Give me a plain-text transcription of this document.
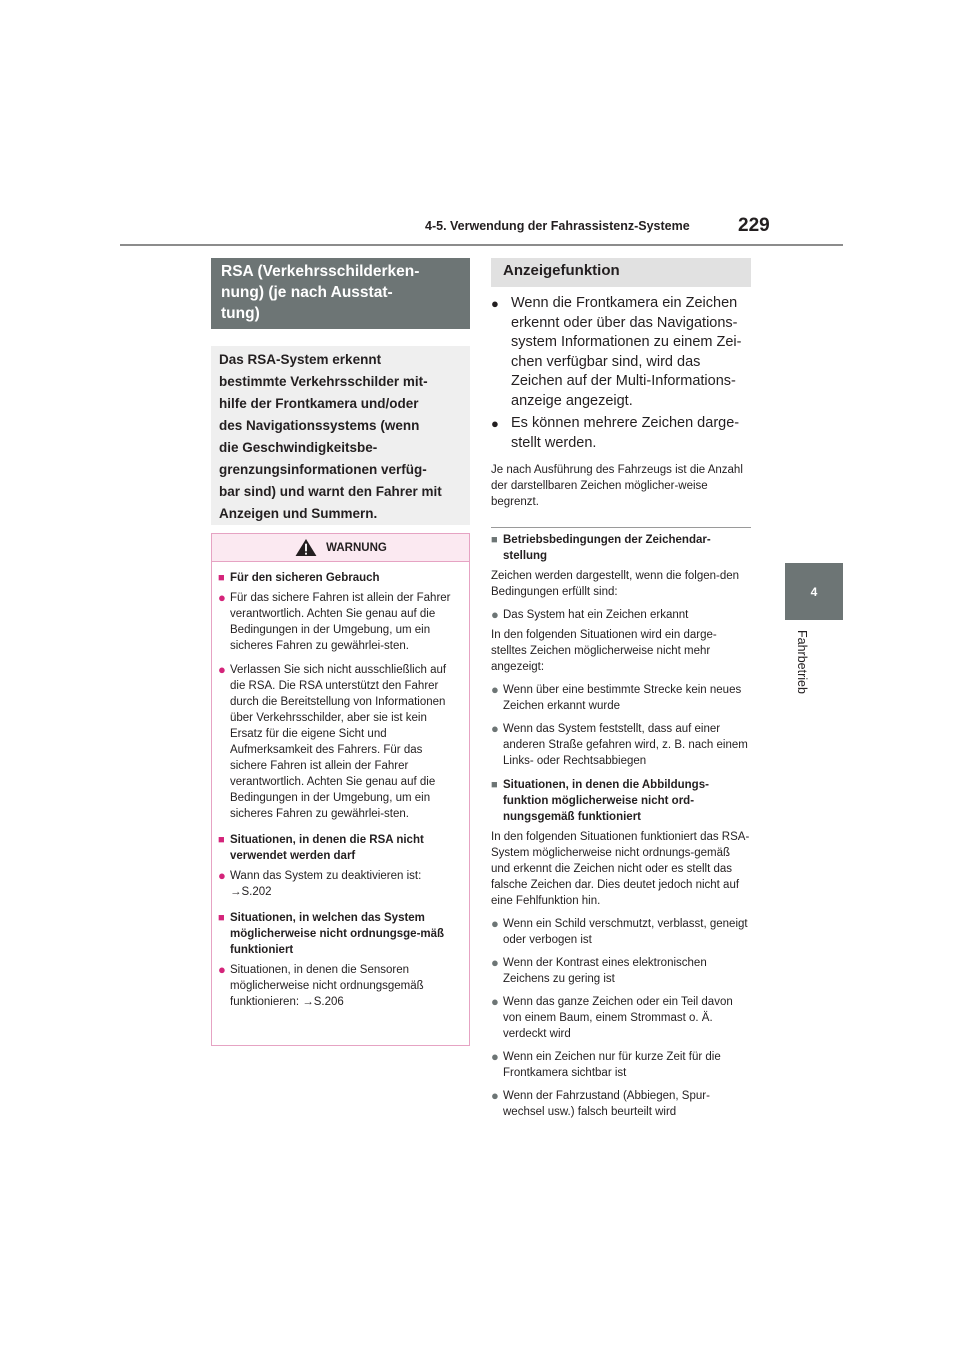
4-5. Verwendung der Fahrassistenz-Systeme	229
4
Fahrbetrieb
RSA (Verkehrsschilderken-
nung) (je nach Ausstat-
tung)
Das RSA-System erkennt
bestimmte Verkehrsschilder mit-
hilfe der Frontkamera und/oder
des Navigationssystems (wenn
die Geschwindigkeitsbe-
grenzungsinformationen verfüg-
bar sind) und warnt den Fahrer mit
Anzeigen und Summern.
WARNUNG
■ Für den sicheren Gebrauch
● Für das sichere Fahren ist allein der Fahrer verantwortlich. Achten Sie genau auf die Bedingungen in der Umgebung, um ein sicheres Fahren zu gewährlei-sten.
● Verlassen Sie sich nicht ausschließlich auf die RSA. Die RSA unterstützt den Fahrer durch die Bereitstellung von Informationen über Verkehrsschilder, aber sie ist kein Ersatz für die eigene Sicht und Aufmerksamkeit des Fahrers. Für das sichere Fahren ist allein der Fahrer verantwortlich. Achten Sie genau auf die Bedingungen in der Umgebung, um ein sicheres Fahren zu gewährlei-sten.
■ Situationen, in denen die RSA nicht verwendet werden darf
● Wann das System zu deaktivieren ist:
→S.202
■ Situationen, in welchen das System möglicherweise nicht ordnungsge-mäß funktioniert
● Situationen, in denen die Sensoren möglicherweise nicht ordnungsgemäß funktionieren: →S.206
Anzeigefunktion
● Wenn die Frontkamera ein Zeichen erkennt oder über das Navigations-system Informationen zu einem Zei-chen verfügbar sind, wird das Zeichen auf der Multi-Informations-anzeige angezeigt.
● Es können mehrere Zeichen darge-stellt werden.
Je nach Ausführung des Fahrzeugs ist die Anzahl der darstellbaren Zeichen möglicher-weise begrenzt.
■ Betriebsbedingungen der Zeichendar-stellung
Zeichen werden dargestellt, wenn die folgen-den Bedingungen erfüllt sind:
● Das System hat ein Zeichen erkannt
In den folgenden Situationen wird ein darge-stelltes Zeichen möglicherweise nicht mehr angezeigt:
● Wenn über eine bestimmte Strecke kein neues Zeichen erkannt wurde
● Wenn das System feststellt, dass auf einer anderen Straße gefahren wird, z. B. nach einem Links- oder Rechtsabbiegen
■ Situationen, in denen die Abbildungs-funktion möglicherweise nicht ord-nungsgemäß funktioniert
In den folgenden Situationen funktioniert das RSA-System möglicherweise nicht ordnungs-gemäß und erkennt die Zeichen nicht oder es stellt das falsche Zeichen dar. Dies deutet jedoch nicht auf eine Fehlfunktion hin.
● Wenn ein Schild verschmutzt, verblasst, geneigt oder verbogen ist
● Wenn der Kontrast eines elektronischen Zeichens zu gering ist
● Wenn das ganze Zeichen oder ein Teil davon von einem Baum, einem Strommast o. Ä. verdeckt wird
● Wenn ein Zeichen nur für kurze Zeit für die Frontkamera sichtbar ist
● Wenn der Fahrzustand (Abbiegen, Spur-wechsel usw.) falsch beurteilt wird
